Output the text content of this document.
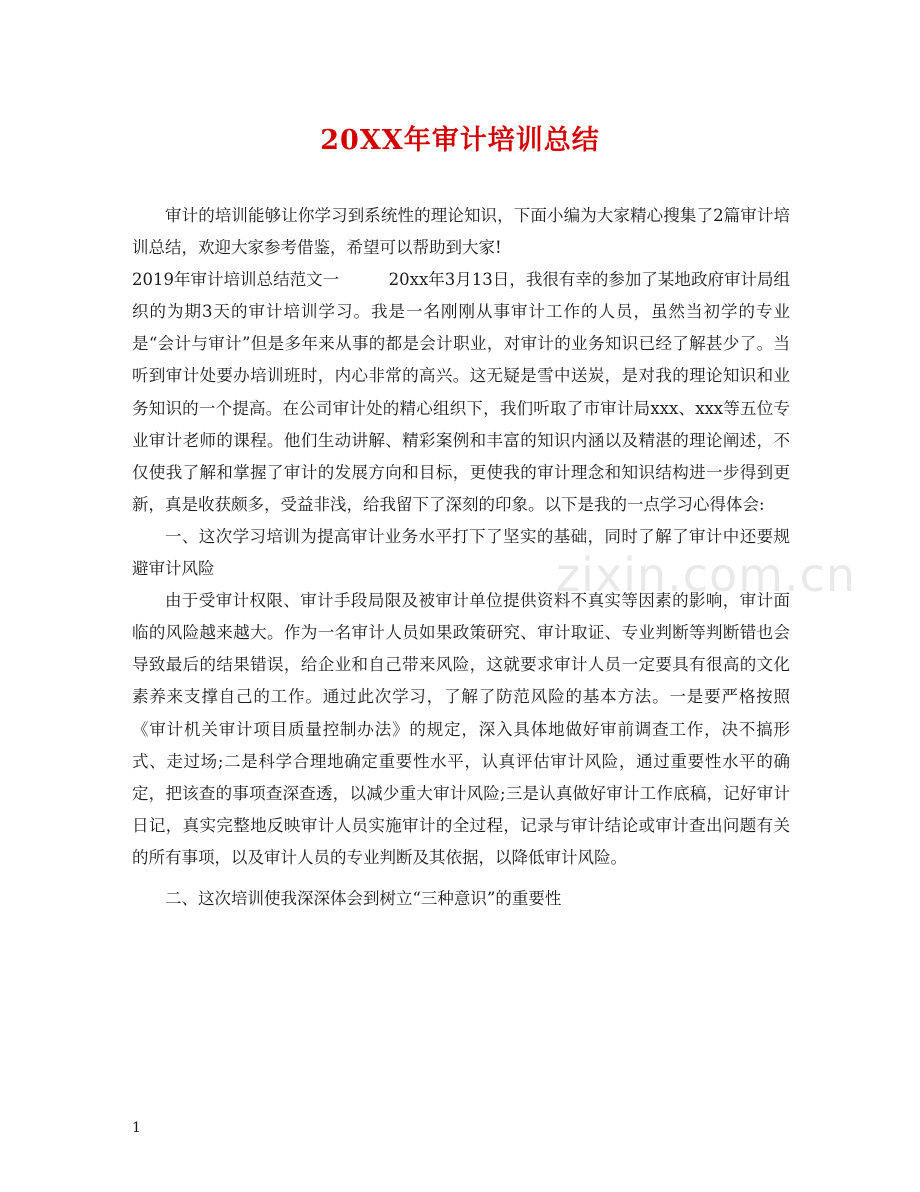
20XX年审计培训总结

审计的培训能够让你学习到系统性的理论知识，下面小编为大家精心搜集了2篇审计培训总结，欢迎大家参考借鉴，希望可以帮助到大家!

2019年审计培训总结范文一　　　20xx年3月13日，我很有幸的参加了某地政府审计局组织的为期3天的审计培训学习。我是一名刚刚从事审计工作的人员，虽然当初学的专业是“会计与审计”但是多年来从事的都是会计职业，对审计的业务知识已经了解甚少了。当听到审计处要办培训班时，内心非常的高兴。这无疑是雪中送炭，是对我的理论知识和业务知识的一个提高。在公司审计处的精心组织下，我们听取了市审计局xxx、xxx等五位专业审计老师的课程。他们生动讲解、精彩案例和丰富的知识内涵以及精湛的理论阐述，不仅使我了解和掌握了审计的发展方向和目标，更使我的审计理念和知识结构进一步得到更新，真是收获颇多，受益非浅，给我留下了深刻的印象。以下是我的一点学习心得体会:

一、这次学习培训为提高审计业务水平打下了坚实的基础，同时了解了审计中还要规避审计风险

由于受审计权限、审计手段局限及被审计单位提供资料不真实等因素的影响，审计面临的风险越来越大。作为一名审计人员如果政策研究、审计取证、专业判断等判断错也会导致最后的结果错误，给企业和自己带来风险，这就要求审计人员一定要具有很高的文化素养来支撑自己的工作。通过此次学习，了解了防范风险的基本方法。一是要严格按照《审计机关审计项目质量控制办法》的规定，深入具体地做好审前调查工作，决不搞形式、走过场;二是科学合理地确定重要性水平，认真评估审计风险，通过重要性水平的确定，把该查的事项查深查透，以减少重大审计风险;三是认真做好审计工作底稿，记好审计日记，真实完整地反映审计人员实施审计的全过程，记录与审计结论或审计查出问题有关的所有事项，以及审计人员的专业判断及其依据，以降低审计风险。

二、这次培训使我深深体会到树立“三种意识”的重要性

zixin.com.cn
1
